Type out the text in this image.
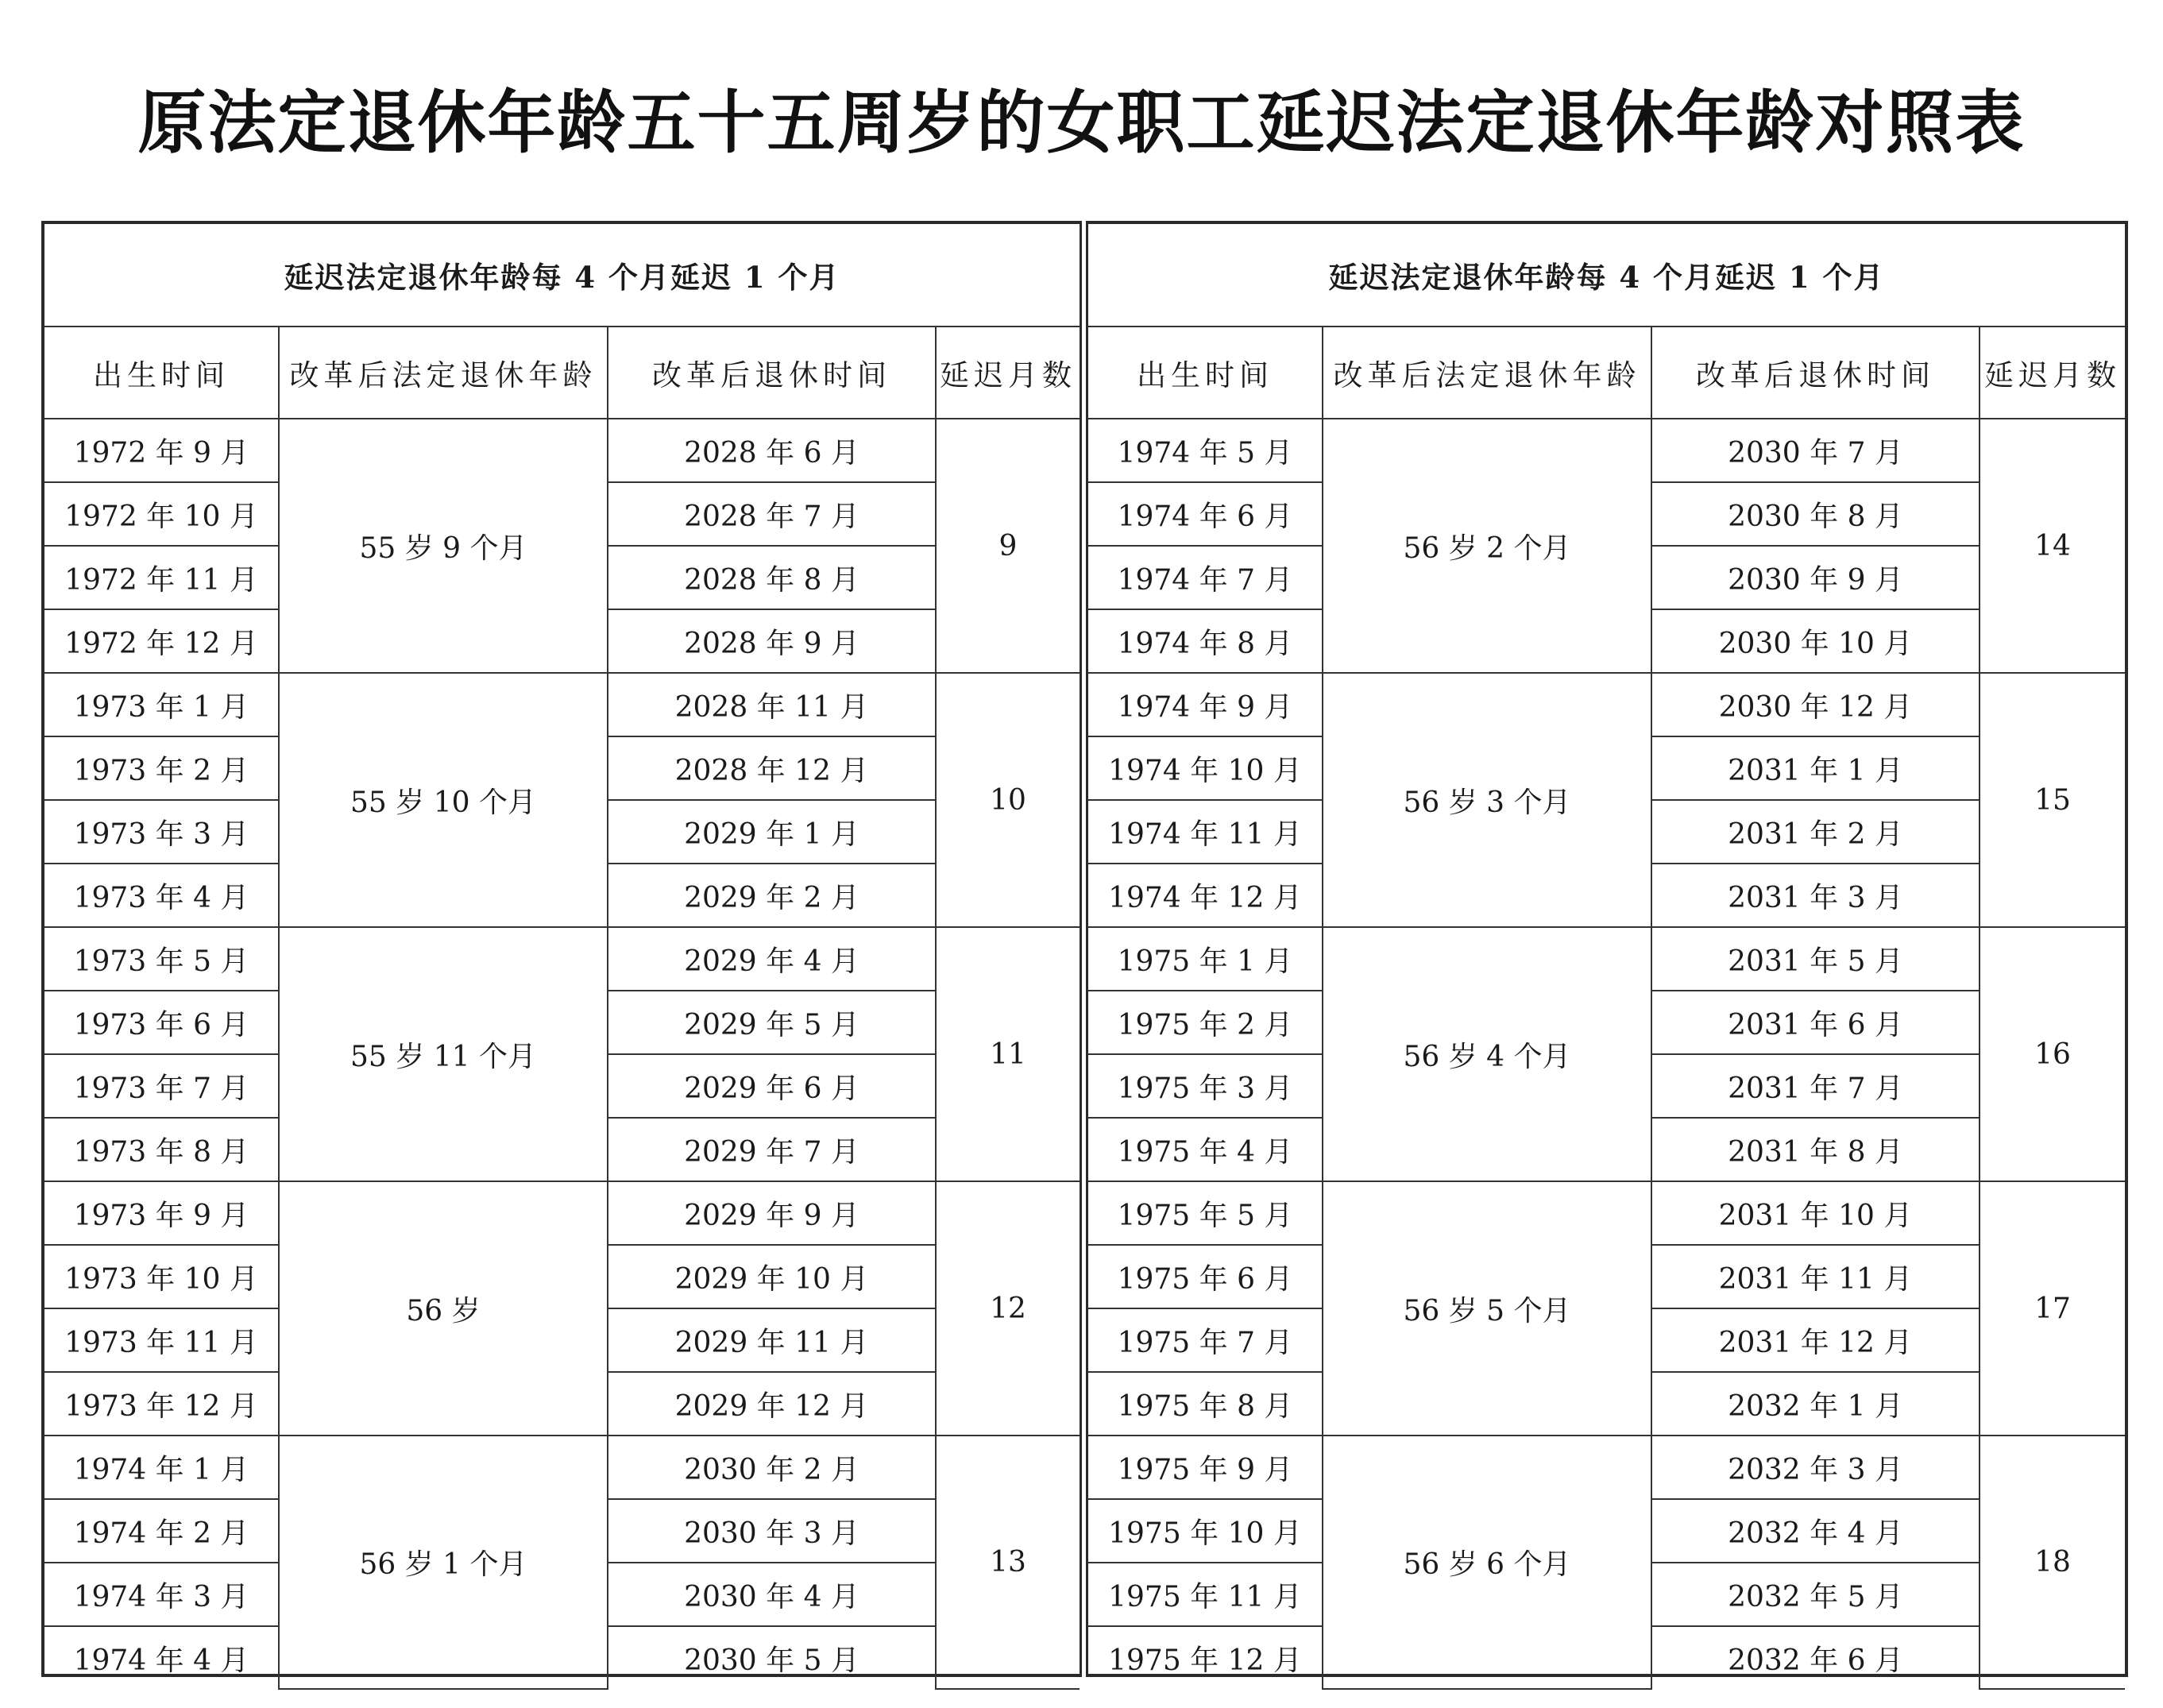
原法定退休年龄五十五周岁的女职工延迟法定退休年龄对照表
延迟法定退休年龄每 4 个月延迟 1 个月			
出生时间	改革后法定退休年龄	改革后退休时间	延迟月数
1972 年 9 月	55 岁 9 个月	2028 年 6 月	9
1972 年 10 月		2028 年 7 月	
1972 年 11 月		2028 年 8 月	
1972 年 12 月		2028 年 9 月	
1973 年 1 月	55 岁 10 个月	2028 年 11 月	10
1973 年 2 月		2028 年 12 月	
1973 年 3 月		2029 年 1 月	
1973 年 4 月		2029 年 2 月	
1973 年 5 月	55 岁 11 个月	2029 年 4 月	11
1973 年 6 月		2029 年 5 月	
1973 年 7 月		2029 年 6 月	
1973 年 8 月		2029 年 7 月	
1973 年 9 月	56 岁	2029 年 9 月	12
1973 年 10 月		2029 年 10 月	
1973 年 11 月		2029 年 11 月	
1973 年 12 月		2029 年 12 月	
1974 年 1 月	56 岁 1 个月	2030 年 2 月	13
1974 年 2 月		2030 年 3 月	
1974 年 3 月		2030 年 4 月	
1974 年 4 月		2030 年 5 月	
延迟法定退休年龄每 4 个月延迟 1 个月			
出生时间	改革后法定退休年龄	改革后退休时间	延迟月数
1974 年 5 月	56 岁 2 个月	2030 年 7 月	14
1974 年 6 月		2030 年 8 月	
1974 年 7 月		2030 年 9 月	
1974 年 8 月		2030 年 10 月	
1974 年 9 月	56 岁 3 个月	2030 年 12 月	15
1974 年 10 月		2031 年 1 月	
1974 年 11 月		2031 年 2 月	
1974 年 12 月		2031 年 3 月	
1975 年 1 月	56 岁 4 个月	2031 年 5 月	16
1975 年 2 月		2031 年 6 月	
1975 年 3 月		2031 年 7 月	
1975 年 4 月		2031 年 8 月	
1975 年 5 月	56 岁 5 个月	2031 年 10 月	17
1975 年 6 月		2031 年 11 月	
1975 年 7 月		2031 年 12 月	
1975 年 8 月		2032 年 1 月	
1975 年 9 月	56 岁 6 个月	2032 年 3 月	18
1975 年 10 月		2032 年 4 月	
1975 年 11 月		2032 年 5 月	
1975 年 12 月		2032 年 6 月	
